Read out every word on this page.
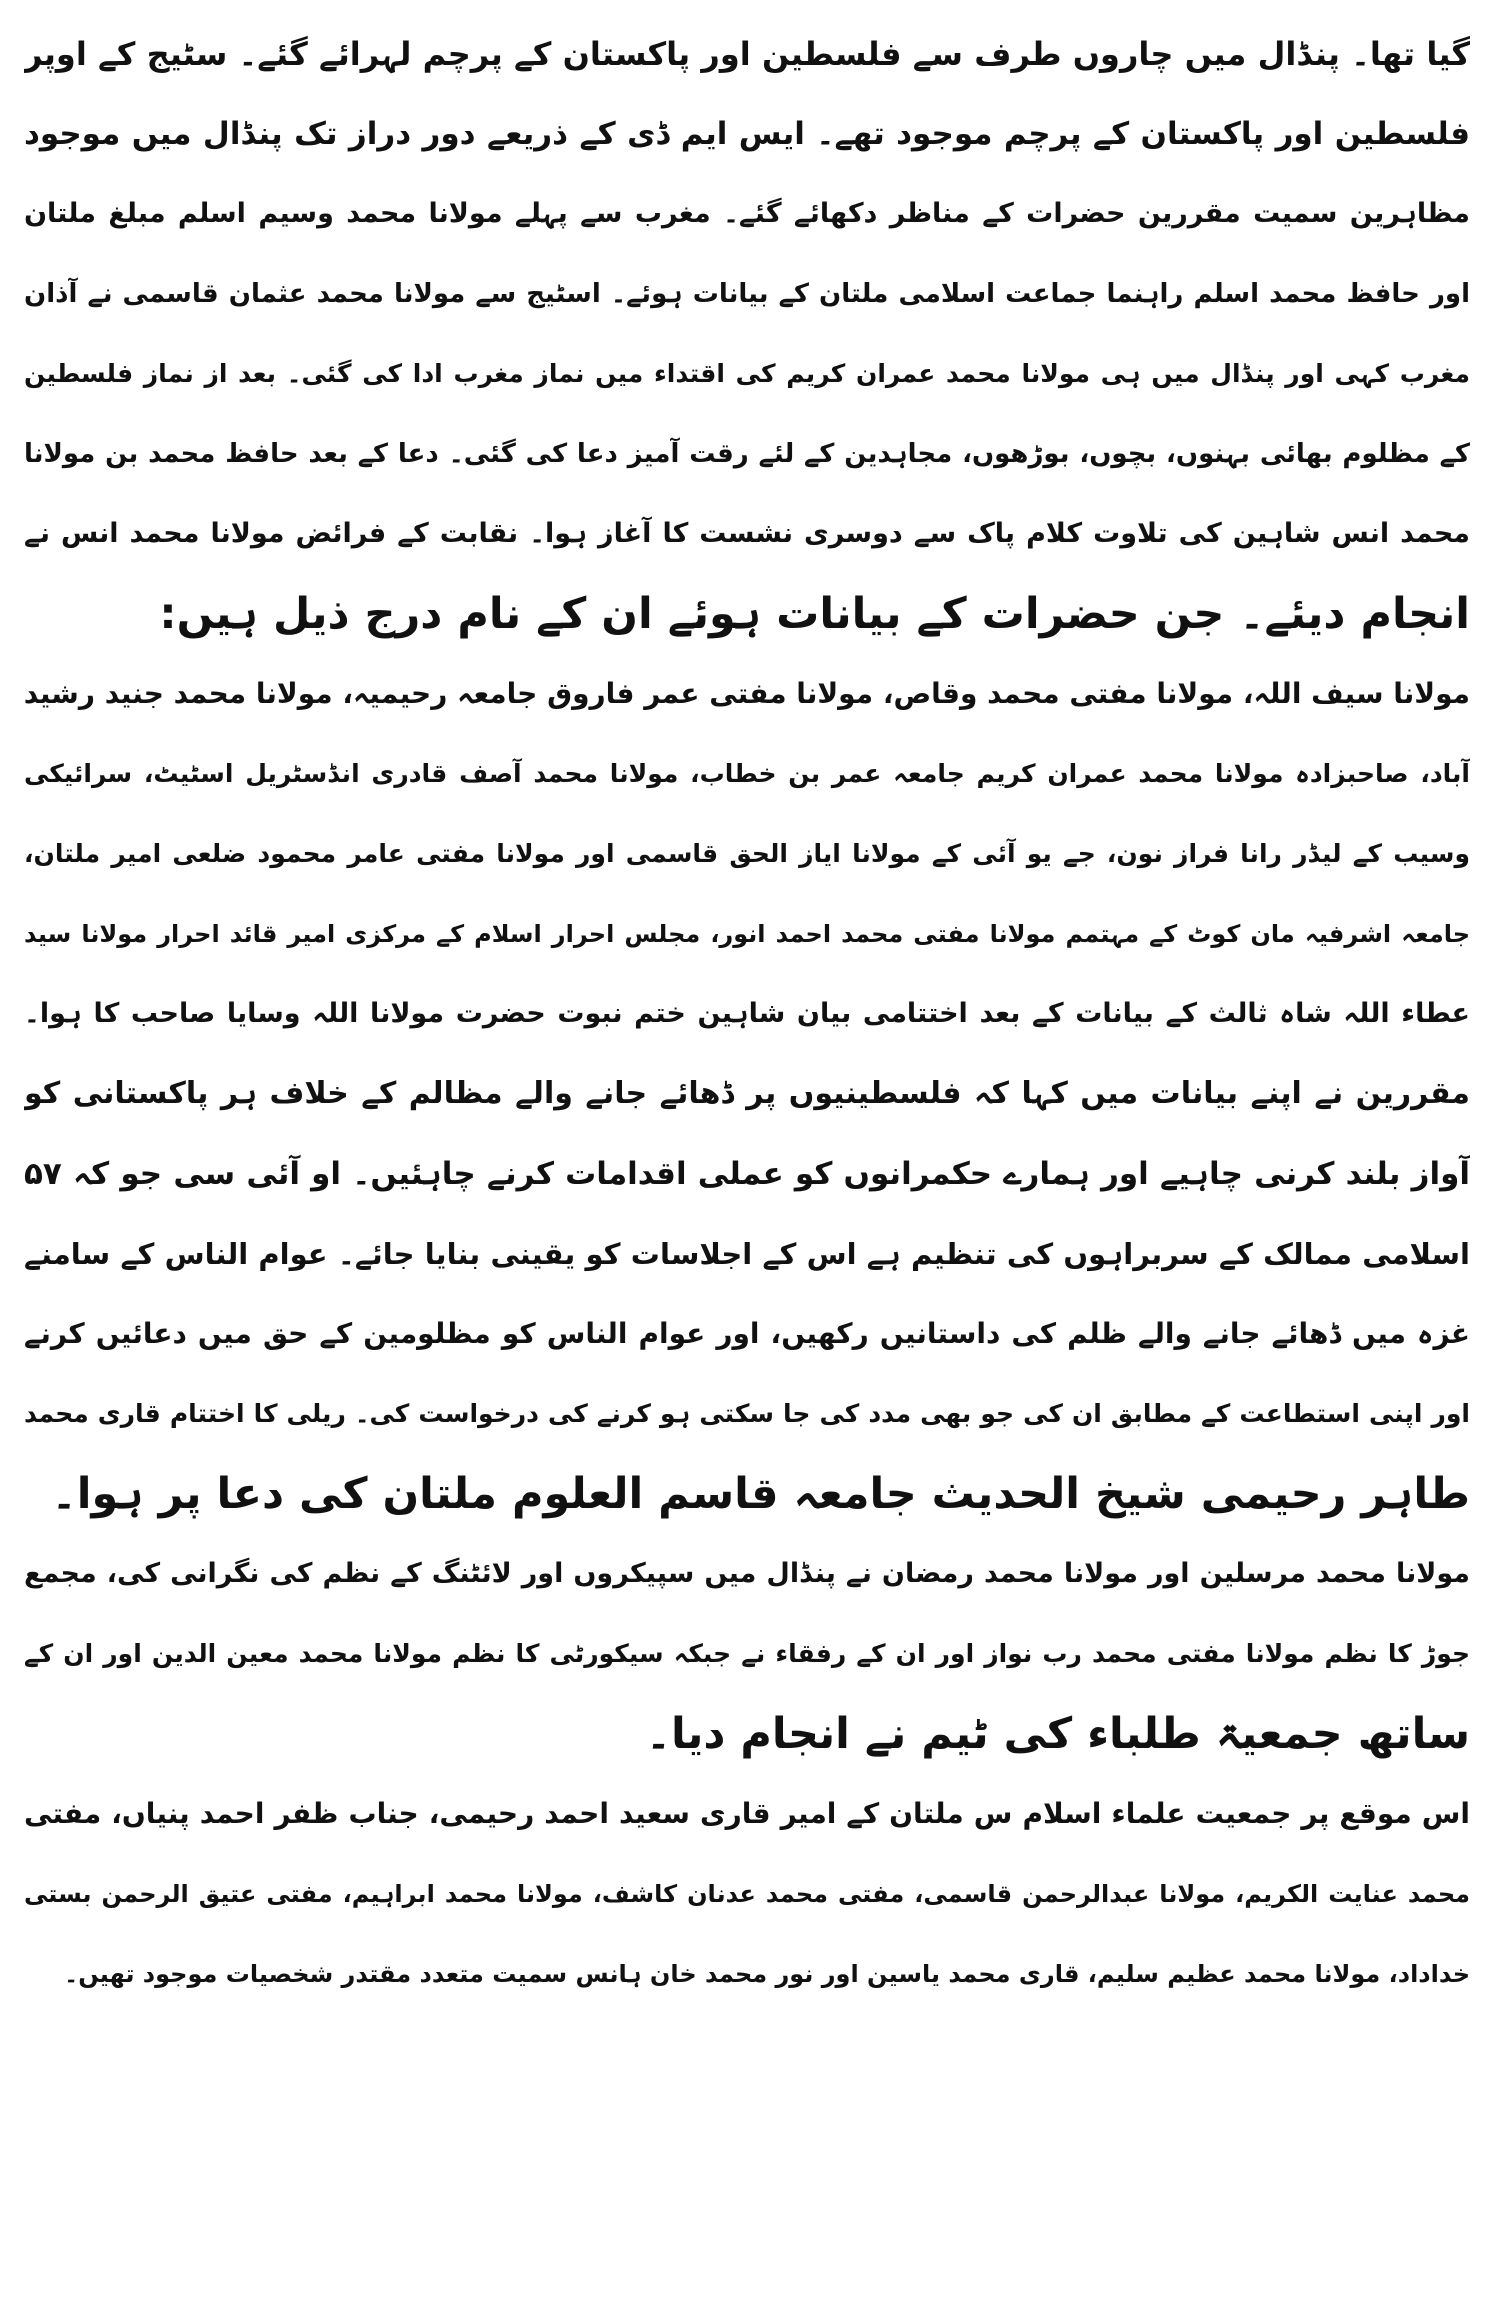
گیا تھا۔ پنڈال میں چاروں طرف سے فلسطین اور پاکستان کے پرچم لہرائے گئے۔ سٹیج کے اوپر
فلسطین اور پاکستان کے پرچم موجود تھے۔ ایس ایم ڈی کے ذریعے دور دراز تک پنڈال میں موجود
مظاہرین سمیت مقررین حضرات کے مناظر دکھائے گئے۔ مغرب سے پہلے مولانا محمد وسیم اسلم مبلغ ملتان
اور حافظ محمد اسلم راہنما جماعت اسلامی ملتان کے بیانات ہوئے۔ اسٹیج سے مولانا محمد عثمان قاسمی نے آذان
مغرب کہی اور پنڈال میں ہی مولانا محمد عمران کریم کی اقتداء میں نماز مغرب ادا کی گئی۔ بعد از نماز فلسطین
کے مظلوم بھائی بہنوں، بچوں، بوڑھوں، مجاہدین کے لئے رقت آمیز دعا کی گئی۔ دعا کے بعد حافظ محمد بن مولانا
محمد انس شاہین کی تلاوت کلام پاک سے دوسری نشست کا آغاز ہوا۔ نقابت کے فرائض مولانا محمد انس نے
انجام دیئے۔ جن حضرات کے بیانات ہوئے ان کے نام درج ذیل ہیں:
مولانا سیف اللہ، مولانا مفتی محمد وقاص، مولانا مفتی عمر فاروق جامعہ رحیمیہ، مولانا محمد جنید رشید
آباد، صاحبزادہ مولانا محمد عمران کریم جامعہ عمر بن خطاب، مولانا محمد آصف قادری انڈسٹریل اسٹیٹ، سرائیکی
وسیب کے لیڈر رانا فراز نون، جے یو آئی کے مولانا ایاز الحق قاسمی اور مولانا مفتی عامر محمود ضلعی امیر ملتان،
جامعہ اشرفیہ مان کوٹ کے مہتمم مولانا مفتی محمد احمد انور، مجلس احرار اسلام کے مرکزی امیر قائد احرار مولانا سید
عطاء اللہ شاہ ثالث کے بیانات کے بعد اختتامی بیان شاہین ختم نبوت حضرت مولانا اللہ وسایا صاحب کا ہوا۔
مقررین نے اپنے بیانات میں کہا کہ فلسطینیوں پر ڈھائے جانے والے مظالم کے خلاف ہر پاکستانی کو
آواز بلند کرنی چاہیے اور ہمارے حکمرانوں کو عملی اقدامات کرنے چاہئیں۔ او آئی سی جو کہ ۵۷
اسلامی ممالک کے سربراہوں کی تنظیم ہے اس کے اجلاسات کو یقینی بنایا جائے۔ عوام الناس کے سامنے
غزہ میں ڈھائے جانے والے ظلم کی داستانیں رکھیں، اور عوام الناس کو مظلومین کے حق میں دعائیں کرنے
اور اپنی استطاعت کے مطابق ان کی جو بھی مدد کی جا سکتی ہو کرنے کی درخواست کی۔ ریلی کا اختتام قاری محمد
طاہر رحیمی شیخ الحدیث جامعہ قاسم العلوم ملتان کی دعا پر ہوا۔
مولانا محمد مرسلین اور مولانا محمد رمضان نے پنڈال میں سپیکروں اور لائٹنگ کے نظم کی نگرانی کی، مجمع
جوڑ کا نظم مولانا مفتی محمد رب نواز اور ان کے رفقاء نے جبکہ سیکورٹی کا نظم مولانا محمد معین الدین اور ان کے
ساتھ جمعیۃ طلباء کی ٹیم نے انجام دیا۔
اس موقع پر جمعیت علماء اسلام س ملتان کے امیر قاری سعید احمد رحیمی، جناب ظفر احمد پنیاں، مفتی
محمد عنایت الکریم، مولانا عبدالرحمن قاسمی، مفتی محمد عدنان کاشف، مولانا محمد ابراہیم، مفتی عتیق الرحمن بستی
خداداد، مولانا محمد عظیم سلیم، قاری محمد یاسین اور نور محمد خان ہانس سمیت متعدد مقتدر شخصیات موجود تھیں۔
